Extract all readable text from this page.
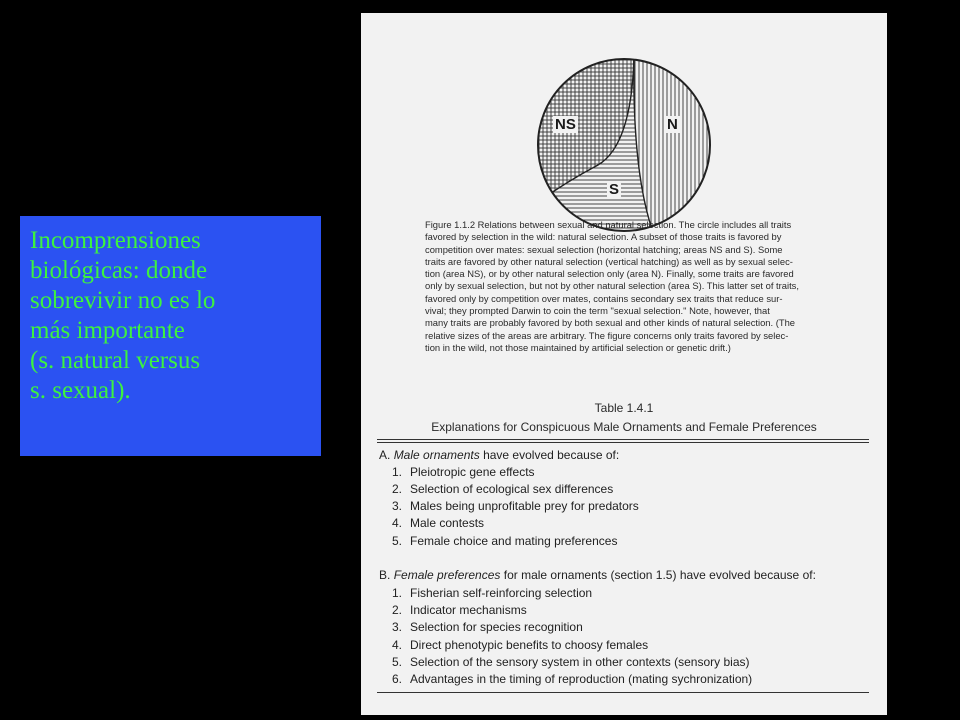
Incomprensiones
biológicas: donde
sobrevivir no es lo
más importante
(s. natural versus
s. sexual).
NS	N
S
Figure 1.1.2 Relations between sexual and natural selection. The circle includes all traits
favored by selection in the wild: natural selection. A subset of those traits is favored by
competition over mates: sexual selection (horizontal hatching; areas NS and S). Some
traits are favored by other natural selection (vertical hatching) as well as by sexual selec-
tion (area NS), or by other natural selection only (area N). Finally, some traits are favored
only by sexual selection, but not by other natural selection (area S). This latter set of traits,
favored only by competition over mates, contains secondary sex traits that reduce sur-
vival; they prompted Darwin to coin the term "sexual selection." Note, however, that
many traits are probably favored by both sexual and other kinds of natural selection. (The
relative sizes of the areas are arbitrary. The figure concerns only traits favored by selec-
tion in the wild, not those maintained by artificial selection or genetic drift.)
Table 1.4.1
Explanations for Conspicuous Male Ornaments and Female Preferences
A. Male ornaments have evolved because of:
1. Pleiotropic gene effects
2. Selection of ecological sex differences
3. Males being unprofitable prey for predators
4. Male contests
5. Female choice and mating preferences
B. Female preferences for male ornaments (section 1.5) have evolved because of:
1. Fisherian self-reinforcing selection
2. Indicator mechanisms
3. Selection for species recognition
4. Direct phenotypic benefits to choosy females
5. Selection of the sensory system in other contexts (sensory bias)
6. Advantages in the timing of reproduction (mating sychronization)
